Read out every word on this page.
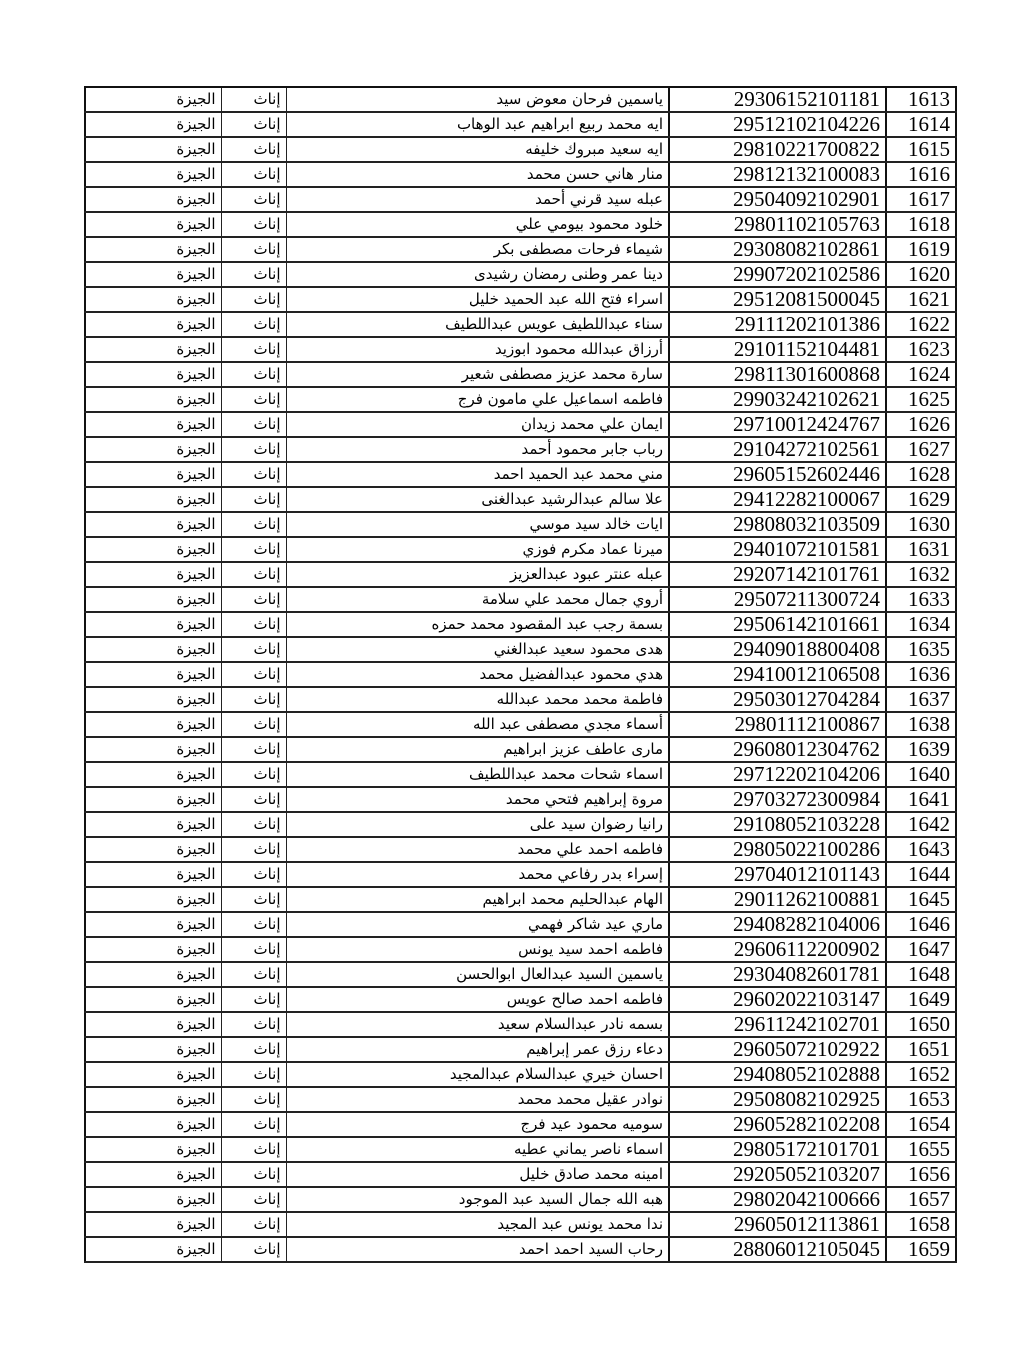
الجيزة	إناث	ياسمين فرحان معوض سيد	29306152101181	1613
الجيزة	إناث	ايه محمد ربيع ابراهيم عبد الوهاب	29512102104226	1614
الجيزة	إناث	ايه سعيد مبروك خليفه	29810221700822	1615
الجيزة	إناث	منار هاني حسن محمد	29812132100083	1616
الجيزة	إناث	عبله سيد قرني أحمد	29504092102901	1617
الجيزة	إناث	خلود محمود بيومي علي	29801102105763	1618
الجيزة	إناث	شيماء فرحات مصطفى بكر	29308082102861	1619
الجيزة	إناث	دينا عمر وطنى رمضان رشيدى	29907202102586	1620
الجيزة	إناث	اسراء فتح الله عبد الحميد خليل	29512081500045	1621
الجيزة	إناث	سناء عبداللطيف عويس عبداللطيف	29111202101386	1622
الجيزة	إناث	أرزاق عبدالله محمود ابوزيد	29101152104481	1623
الجيزة	إناث	سارة محمد عزيز مصطفى شعير	29811301600868	1624
الجيزة	إناث	فاطمه اسماعيل علي مامون فرج	29903242102621	1625
الجيزة	إناث	ايمان علي محمد زيدان	29710012424767	1626
الجيزة	إناث	رباب جابر محمود أحمد	29104272102561	1627
الجيزة	إناث	مني محمد عبد الحميد احمد	29605152602446	1628
الجيزة	إناث	علا سالم عبدالرشيد عبدالغنى	29412282100067	1629
الجيزة	إناث	ايات خالد سيد موسي	29808032103509	1630
الجيزة	إناث	ميرنا عماد مكرم فوزي	29401072101581	1631
الجيزة	إناث	عبله عنتر عبود عبدالعزيز	29207142101761	1632
الجيزة	إناث	أروي جمال محمد علي سلامة	29507211300724	1633
الجيزة	إناث	بسمة رجب عبد المقصود محمد حمزه	29506142101661	1634
الجيزة	إناث	هدى محمود سعيد عبدالغني	29409018800408	1635
الجيزة	إناث	هدي محمود عبدالفضيل محمد	29410012106508	1636
الجيزة	إناث	فاطمة محمد محمد عبدالله	29503012704284	1637
الجيزة	إناث	أسماء مجدي مصطفى عبد الله	29801112100867	1638
الجيزة	إناث	مارى عاطف عزيز ابراهيم	29608012304762	1639
الجيزة	إناث	اسماء شحات محمد عبداللطيف	29712202104206	1640
الجيزة	إناث	مروة إبراهيم فتحي محمد	29703272300984	1641
الجيزة	إناث	رانيا رضوان سيد على	29108052103228	1642
الجيزة	إناث	فاطمه احمد علي محمد	29805022100286	1643
الجيزة	إناث	إسراء بدر رفاعي محمد	29704012101143	1644
الجيزة	إناث	الهام عبدالحليم محمد ابراهيم	29011262100881	1645
الجيزة	إناث	ماري عيد شاكر فهمي	29408282104006	1646
الجيزة	إناث	فاطمه احمد سيد يونس	29606112200902	1647
الجيزة	إناث	ياسمين السيد عبدالعال ابوالحسن	29304082601781	1648
الجيزة	إناث	فاطمه احمد صالح عويس	29602022103147	1649
الجيزة	إناث	بسمه نادر عبدالسلام سعيد	29611242102701	1650
الجيزة	إناث	دعاء رزق عمر إبراهيم	29605072102922	1651
الجيزة	إناث	احسان خيري عبدالسلام عبدالمجيد	29408052102888	1652
الجيزة	إناث	نوادر عقيل محمد محمد	29508082102925	1653
الجيزة	إناث	سوميه محمود عيد فرج	29605282102208	1654
الجيزة	إناث	اسماء ناصر يماني عطيه	29805172101701	1655
الجيزة	إناث	امينه محمد صادق خليل	29205052103207	1656
الجيزة	إناث	هبه الله جمال السيد عبد الموجود	29802042100666	1657
الجيزة	إناث	ندا محمد يونس عبد المجيد	29605012113861	1658
الجيزة	إناث	رحاب السيد احمد احمد	28806012105045	1659
